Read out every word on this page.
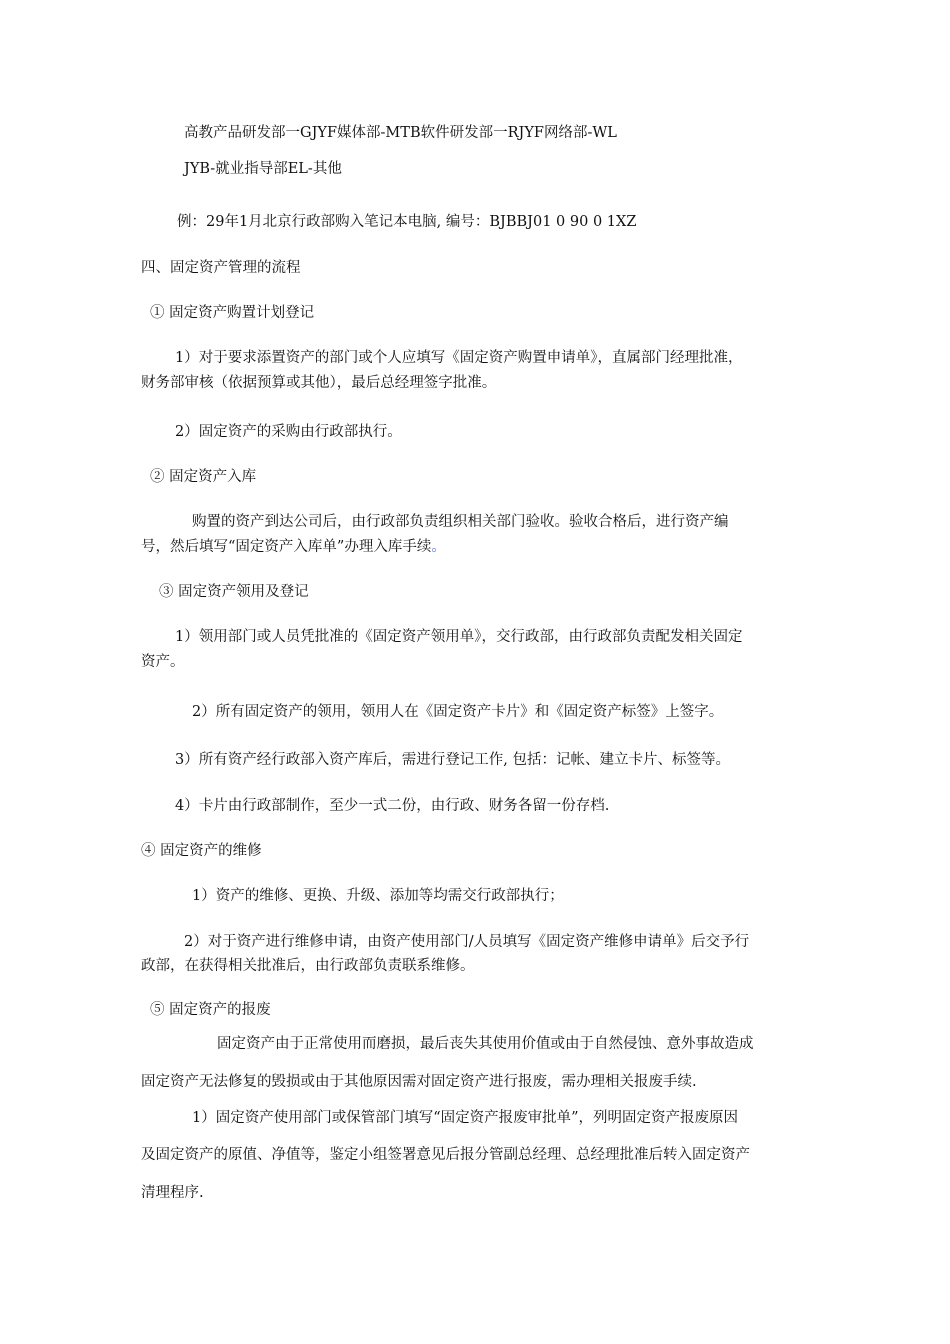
高教产品研发部一GJYF媒体部-MTB软件研发部一RJYF网络部-WL
JYB-就业指导部EL-其他
例：29年1月北京行政部购入笔记本电脑, 编号：BJBBJ01 0 90 0 1XZ
四、固定资产管理的流程
① 固定资产购置计划登记
1）对于要求添置资产的部门或个人应填写《固定资产购置申请单》，直属部门经理批准，
财务部审核（依据预算或其他），最后总经理签字批准。
2）固定资产的采购由行政部执行。
② 固定资产入库
购置的资产到达公司后，由行政部负责组织相关部门验收。验收合格后，进行资产编
号，然后填写“固定资产入库单”办理入库手续。
③ 固定资产领用及登记
1）领用部门或人员凭批准的《固定资产领用单》，交行政部，由行政部负责配发相关固定
资产。
2）所有固定资产的领用，领用人在《固定资产卡片》和《固定资产标签》上签字。
3）所有资产经行政部入资产库后，需进行登记工作, 包括：记帐、建立卡片、标签等。
4）卡片由行政部制作，至少一式二份，由行政、财务各留一份存档.
④ 固定资产的维修
1）资产的维修、更换、升级、添加等均需交行政部执行；
2）对于资产进行维修申请，由资产使用部门/人员填写《固定资产维修申请单》后交予行
政部，在获得相关批准后，由行政部负责联系维修。
⑤ 固定资产的报废
固定资产由于正常使用而磨损，最后丧失其使用价值或由于自然侵蚀、意外事故造成
固定资产无法修复的毁损或由于其他原因需对固定资产进行报废，需办理相关报废手续.
1）固定资产使用部门或保管部门填写“固定资产报废审批单”，列明固定资产报废原因
及固定资产的原值、净值等，鉴定小组签署意见后报分管副总经理、总经理批准后转入固定资产
清理程序.
